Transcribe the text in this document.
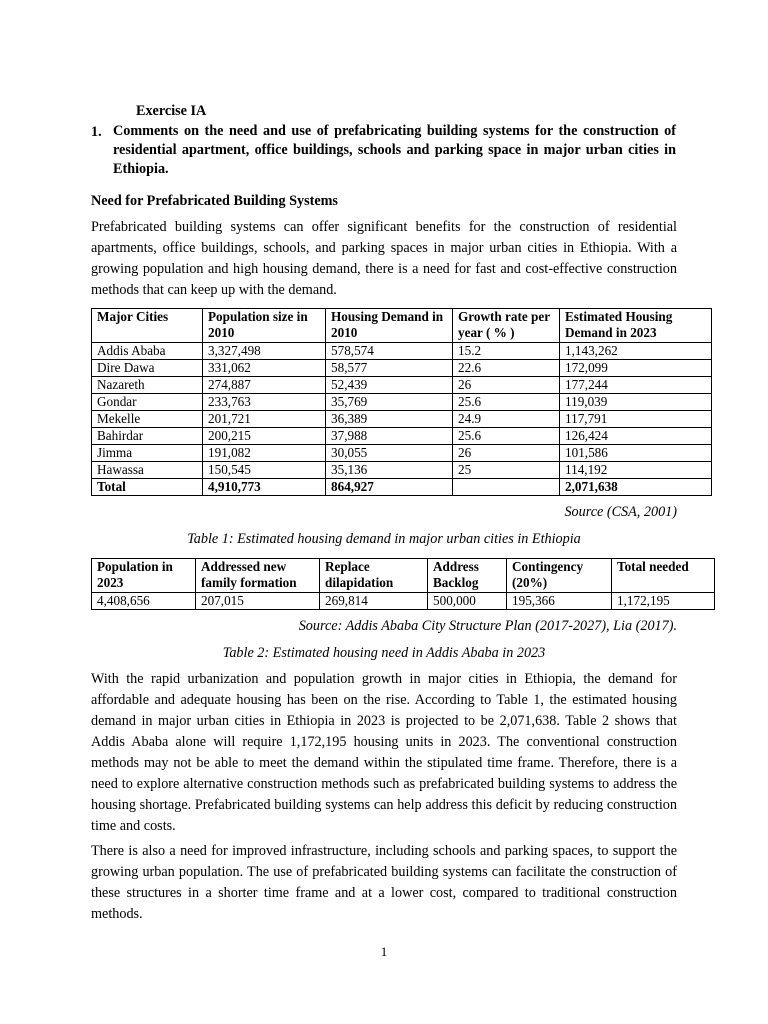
Exercise IA
1. Comments on the need and use of prefabricating building systems for the construction of residential apartment, office buildings, schools and parking space in major urban cities in Ethiopia.
Need for Prefabricated Building Systems
Prefabricated building systems can offer significant benefits for the construction of residential apartments, office buildings, schools, and parking spaces in major urban cities in Ethiopia. With a growing population and high housing demand, there is a need for fast and cost-effective construction methods that can keep up with the demand.
Major Cities	Population size in 2010	Housing Demand in 2010	Growth rate per year ( % )	Estimated Housing Demand in 2023
Addis Ababa	3,327,498	578,574	15.2	1,143,262
Dire Dawa	331,062	58,577	22.6	172,099
Nazareth	274,887	52,439	26	177,244
Gondar	233,763	35,769	25.6	119,039
Mekelle	201,721	36,389	24.9	117,791
Bahirdar	200,215	37,988	25.6	126,424
Jimma	191,082	30,055	26	101,586
Hawassa	150,545	35,136	25	114,192
Total	4,910,773	864,927		2,071,638
Source (CSA, 2001)
Table 1: Estimated housing demand in major urban cities in Ethiopia
Population in 2023	Addressed new family formation	Replace dilapidation	Address Backlog	Contingency (20%)	Total needed
4,408,656	207,015	269,814	500,000	195,366	1,172,195
Source: Addis Ababa City Structure Plan (2017-2027), Lia (2017).
Table 2: Estimated housing need in Addis Ababa in 2023
With the rapid urbanization and population growth in major cities in Ethiopia, the demand for affordable and adequate housing has been on the rise. According to Table 1, the estimated housing demand in major urban cities in Ethiopia in 2023 is projected to be 2,071,638. Table 2 shows that Addis Ababa alone will require 1,172,195 housing units in 2023. The conventional construction methods may not be able to meet the demand within the stipulated time frame. Therefore, there is a need to explore alternative construction methods such as prefabricated building systems to address the housing shortage. Prefabricated building systems can help address this deficit by reducing construction time and costs.
There is also a need for improved infrastructure, including schools and parking spaces, to support the growing urban population. The use of prefabricated building systems can facilitate the construction of these structures in a shorter time frame and at a lower cost, compared to traditional construction methods.
1
